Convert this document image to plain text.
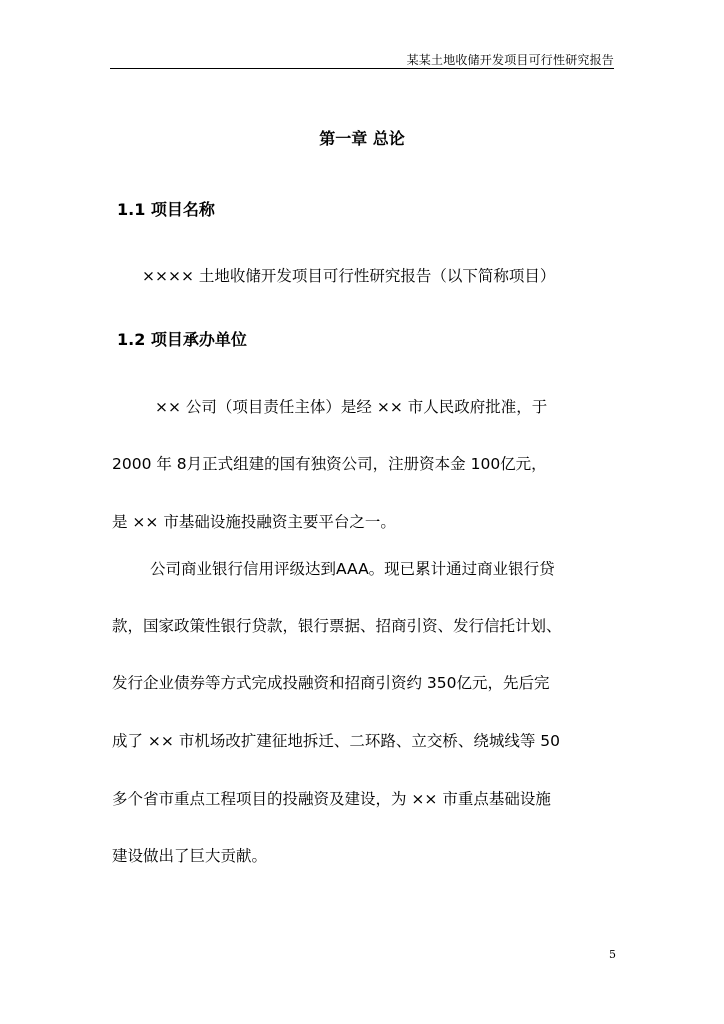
某某土地收储开发项目可行性研究报告
第一章 总论
1.1 项目名称
×××× 土地收储开发项目可行性研究报告（以下简称项目）
1.2 项目承办单位
×× 公司（项目责任主体）是经 ×× 市人民政府批准，于
2000 年 8月正式组建的国有独资公司，注册资本金 100亿元，
是 ×× 市基础设施投融资主要平台之一。
公司商业银行信用评级达到AAA。现已累计通过商业银行贷
款，国家政策性银行贷款，银行票据、招商引资、发行信托计划、
发行企业债券等方式完成投融资和招商引资约 350亿元，先后完
成了 ×× 市机场改扩建征地拆迁、二环路、立交桥、绕城线等 50
多个省市重点工程项目的投融资及建设，为 ×× 市重点基础设施
建设做出了巨大贡献。
5
